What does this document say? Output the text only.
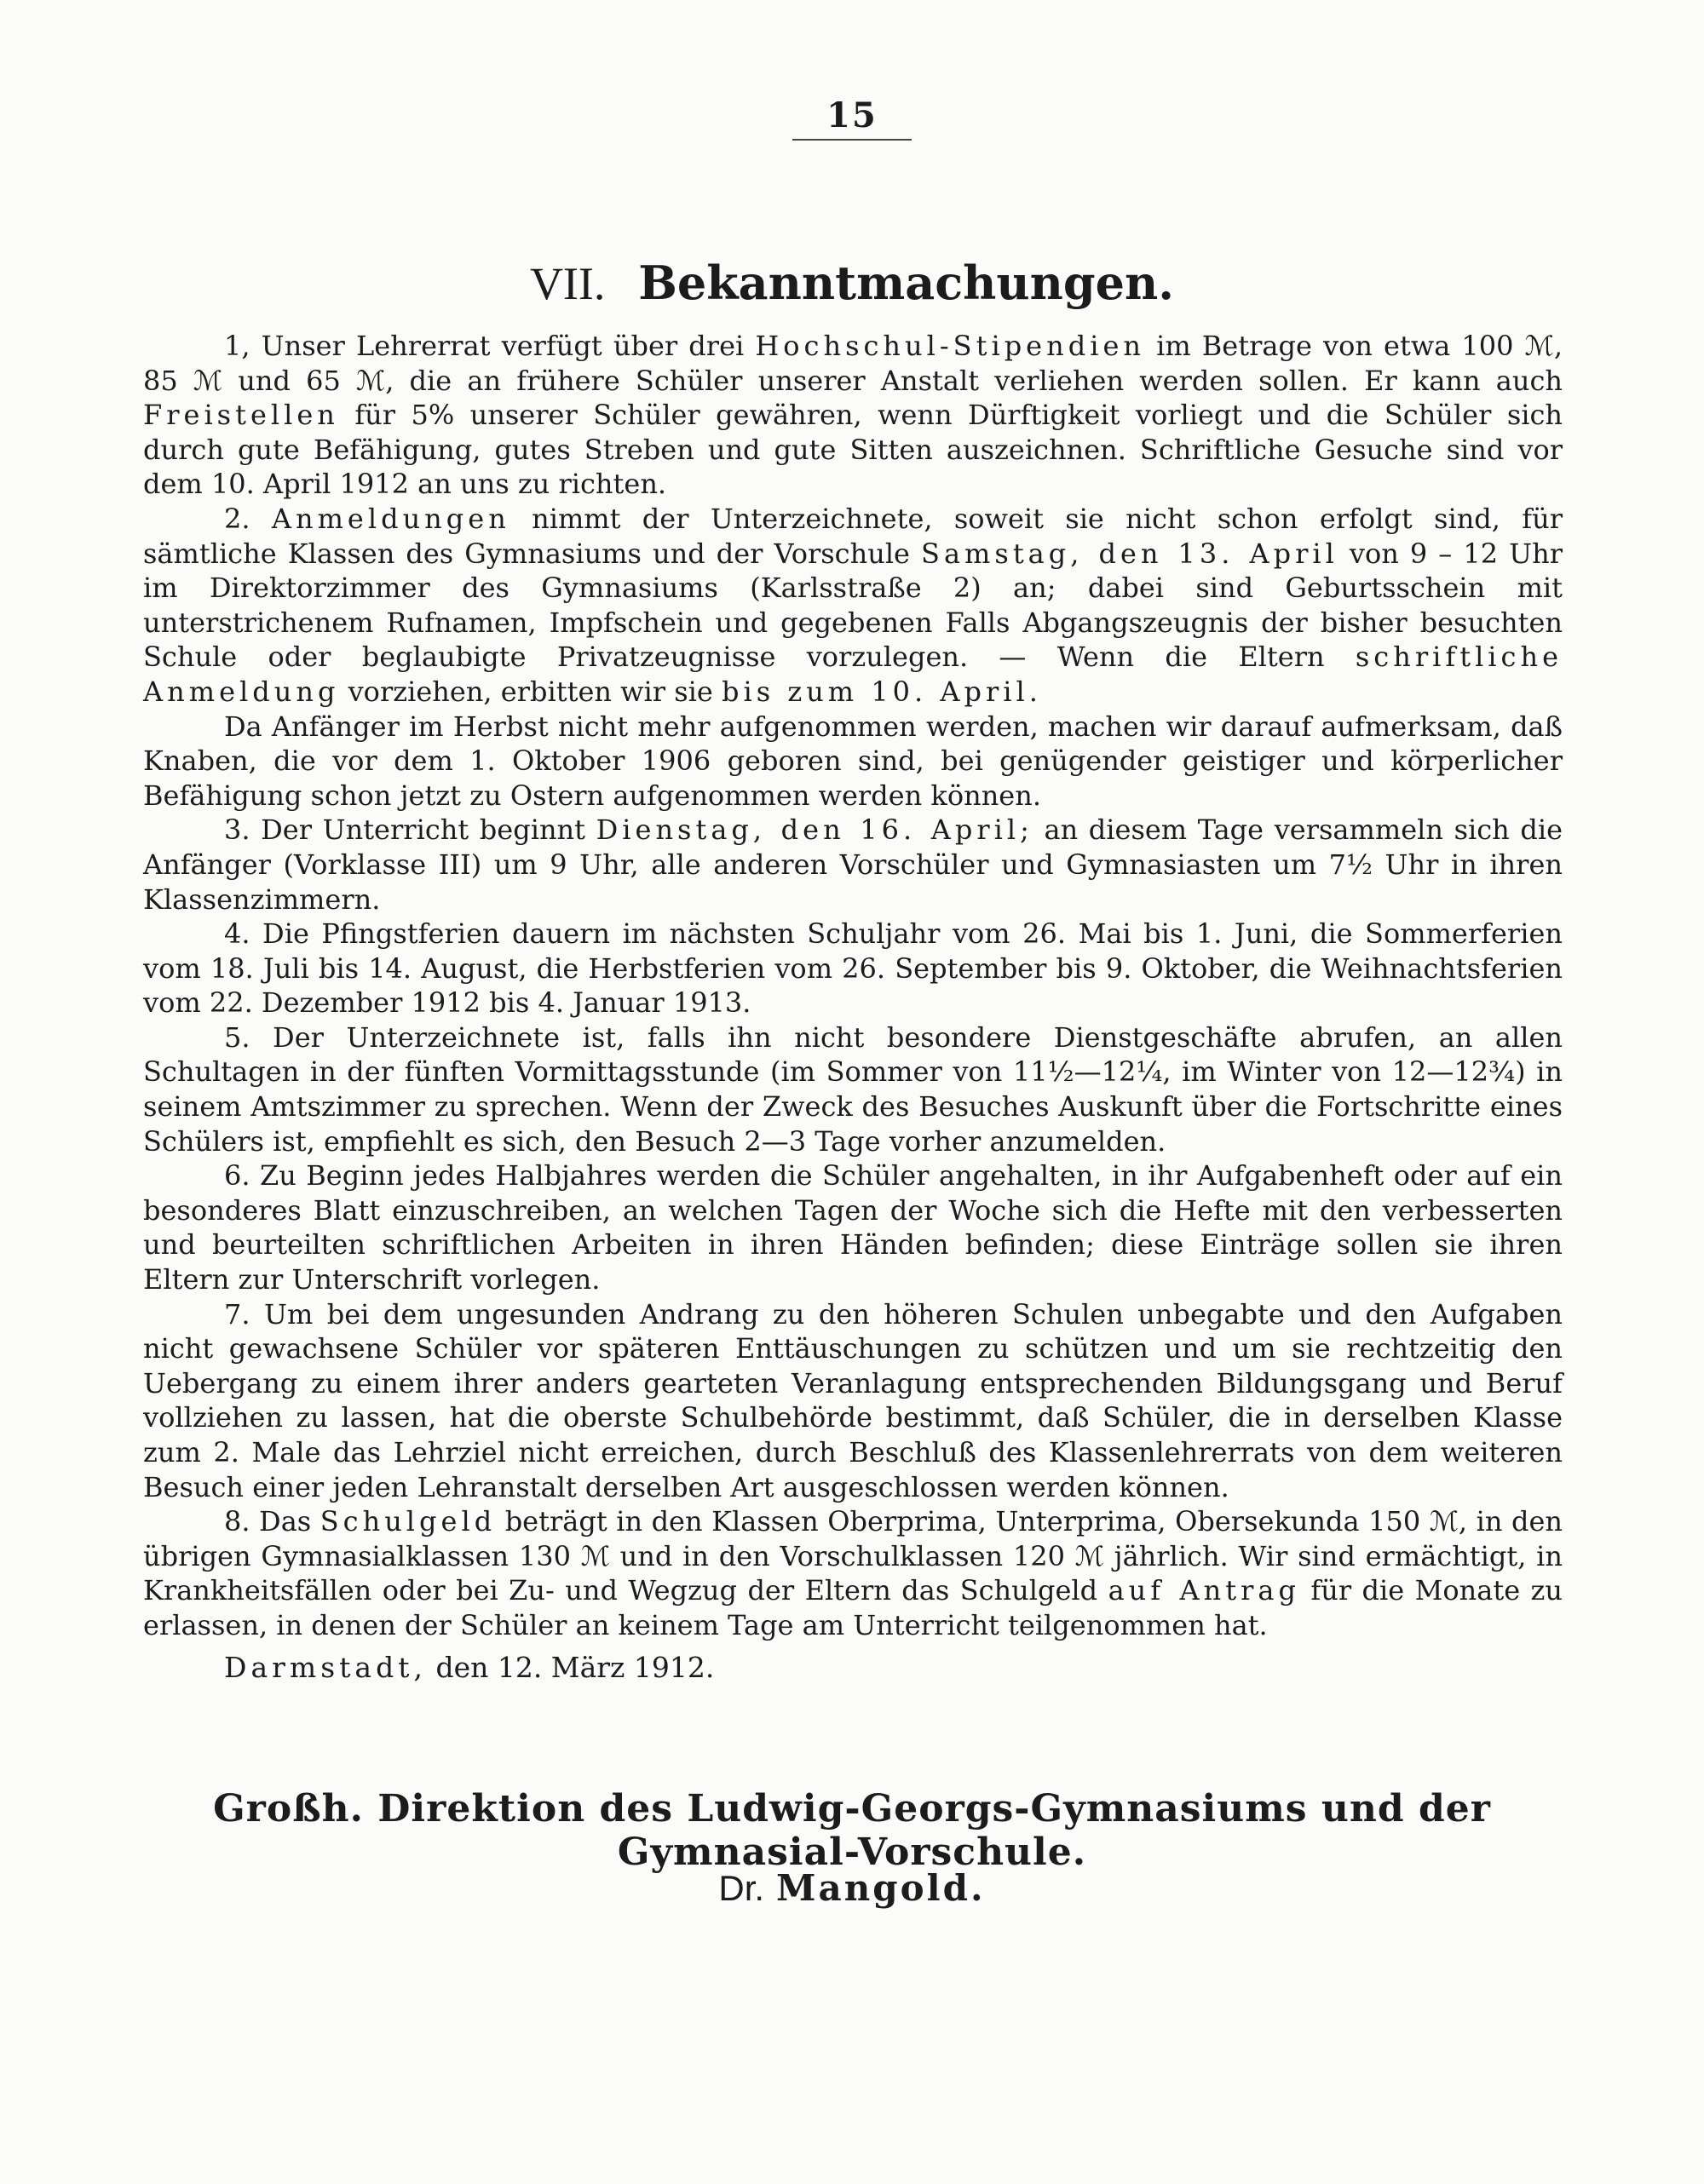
15
VII. Bekanntmachungen.

1, Unser Lehrerrat verfügt über drei Hochschul-Stipendien im Betrage von etwa 100 ℳ, 85 ℳ und 65 ℳ, die an frühere Schüler unserer Anstalt verliehen werden sollen. Er kann auch Freistellen für 5% unserer Schüler gewähren, wenn Dürftigkeit vorliegt und die Schüler sich durch gute Befähigung, gutes Streben und gute Sitten auszeichnen. Schriftliche Gesuche sind vor dem 10. April 1912 an uns zu richten.

2. Anmeldungen nimmt der Unterzeichnete, soweit sie nicht schon erfolgt sind, für sämtliche Klassen des Gymnasiums und der Vorschule Samstag, den 13. April von 9 – 12 Uhr im Direktorzimmer des Gymnasiums (Karlsstraße 2) an; dabei sind Geburtsschein mit unterstrichenem Rufnamen, Impfschein und gegebenen Falls Abgangszeugnis der bisher besuchten Schule oder beglaubigte Privatzeugnisse vorzulegen. — Wenn die Eltern schriftliche Anmeldung vorziehen, erbitten wir sie bis zum 10. April.

Da Anfänger im Herbst nicht mehr aufgenommen werden, machen wir darauf aufmerksam, daß Knaben, die vor dem 1. Oktober 1906 geboren sind, bei genügender geistiger und körperlicher Befähigung schon jetzt zu Ostern aufgenommen werden können.

3. Der Unterricht beginnt Dienstag, den 16. April; an diesem Tage versammeln sich die Anfänger (Vorklasse III) um 9 Uhr, alle anderen Vorschüler und Gymnasiasten um 7½ Uhr in ihren Klassenzimmern.

4. Die Pfingstferien dauern im nächsten Schuljahr vom 26. Mai bis 1. Juni, die Sommerferien vom 18. Juli bis 14. August, die Herbstferien vom 26. September bis 9. Oktober, die Weihnachtsferien vom 22. Dezember 1912 bis 4. Januar 1913.

5. Der Unterzeichnete ist, falls ihn nicht besondere Dienstgeschäfte abrufen, an allen Schultagen in der fünften Vormittagsstunde (im Sommer von 11½—12¼, im Winter von 12—12¾) in seinem Amtszimmer zu sprechen. Wenn der Zweck des Besuches Auskunft über die Fortschritte eines Schülers ist, empfiehlt es sich, den Besuch 2—3 Tage vorher anzumelden.

6. Zu Beginn jedes Halbjahres werden die Schüler angehalten, in ihr Aufgabenheft oder auf ein besonderes Blatt einzuschreiben, an welchen Tagen der Woche sich die Hefte mit den verbesserten und beurteilten schriftlichen Arbeiten in ihren Händen befinden; diese Einträge sollen sie ihren Eltern zur Unterschrift vorlegen.

7. Um bei dem ungesunden Andrang zu den höheren Schulen unbegabte und den Aufgaben nicht gewachsene Schüler vor späteren Enttäuschungen zu schützen und um sie rechtzeitig den Uebergang zu einem ihrer anders gearteten Veranlagung entsprechenden Bildungsgang und Beruf vollziehen zu lassen, hat die oberste Schulbehörde bestimmt, daß Schüler, die in derselben Klasse zum 2. Male das Lehrziel nicht erreichen, durch Beschluß des Klassenlehrerrats von dem weiteren Besuch einer jeden Lehranstalt derselben Art ausgeschlossen werden können.

8. Das Schulgeld beträgt in den Klassen Oberprima, Unterprima, Obersekunda 150 ℳ, in den übrigen Gymnasialklassen 130 ℳ und in den Vorschulklassen 120 ℳ jährlich. Wir sind ermächtigt, in Krankheitsfällen oder bei Zu- und Wegzug der Eltern das Schulgeld auf Antrag für die Monate zu erlassen, in denen der Schüler an keinem Tage am Unterricht teilgenommen hat.

Darmstadt, den 12. März 1912.
Großh. Direktion des Ludwig-Georgs-Gymnasiums und der Gymnasial-Vorschule.
Dr. Mangold.
